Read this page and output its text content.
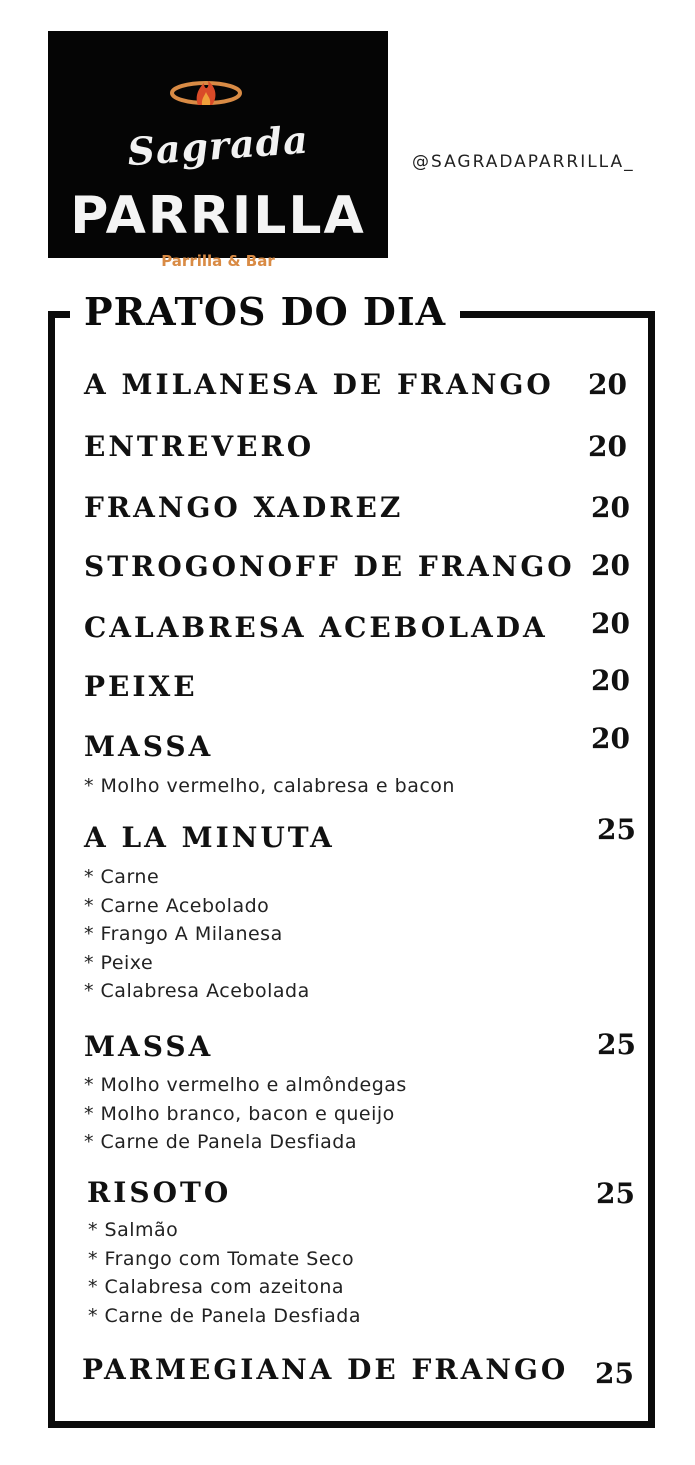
Sagrada
PARRILLA
Parrilla & Bar
@SAGRADAPARRILLA_
PRATOS DO DIA
A MILANESA DE FRANGO 20
ENTREVERO	20
FRANGO XADREZ	20
STROGONOFF DE FRANGO 20
CALABRESA ACEBOLADA 20
PEIXE	20
MASSA	20
* Molho vermelho, calabresa e bacon
A LA MINUTA	25
* Carne
* Carne Acebolado
* Frango A Milanesa
* Peixe
* Calabresa Acebolada
MASSA	25
* Molho vermelho e almôndegas
* Molho branco, bacon e queijo
* Carne de Panela Desfiada
RISOTO	25
* Salmão
* Frango com Tomate Seco
* Calabresa com azeitona
* Carne de Panela Desfiada
PARMEGIANA DE FRANGO 25
